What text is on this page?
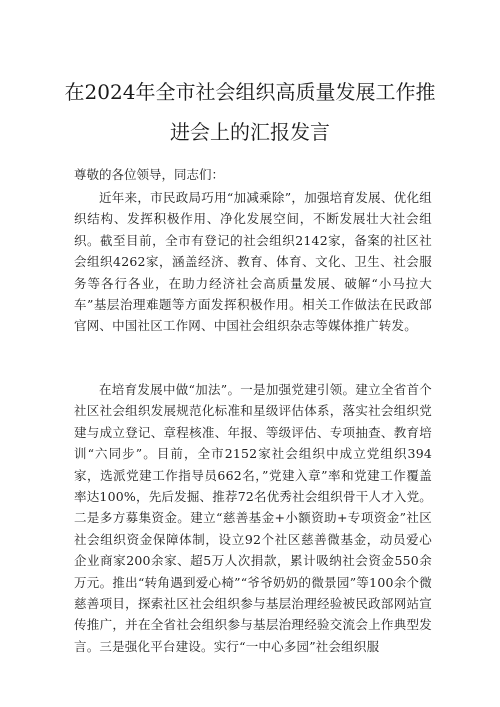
在2024年全市社会组织高质量发展工作推进会上的汇报发言

尊敬的各位领导，同志们：

近年来，市民政局巧用“加减乘除”，加强培育发展、优化组织结构、发挥积极作用、净化发展空间，不断发展壮大社会组织。截至目前，全市有登记的社会组织2142家，备案的社区社会组织4262家，涵盖经济、教育、体育、文化、卫生、社会服务等各行各业，在助力经济社会高质量发展、破解“小马拉大车”基层治理难题等方面发挥积极作用。相关工作做法在民政部官网、中国社区工作网、中国社会组织杂志等媒体推广转发。

在培育发展中做“加法”。一是加强党建引领。建立全省首个社区社会组织发展规范化标准和星级评估体系，落实社会组织党建与成立登记、章程核准、年报、等级评估、专项抽查、教育培训“六同步”。目前，全市2152家社会组织中成立党组织394家，选派党建工作指导员662名，”党建入章”率和党建工作覆盖率达100%，先后发掘、推荐72名优秀社会组织骨干人才入党。二是多方募集资金。建立“慈善基金+小额资助+专项资金”社区社会组织资金保障体制，设立92个社区慈善微基金，动员爱心企业商家200余家、超5万人次捐款，累计吸纳社会资金550余万元。推出“转角遇到爱心椅”“爷爷奶奶的微景园”等100余个微慈善项目，探索社区社会组织参与基层治理经验被民政部网站宣传推广，并在全省社会组织参与基层治理经验交流会上作典型发言。三是强化平台建设。实行“一中心多园”社会组织服
